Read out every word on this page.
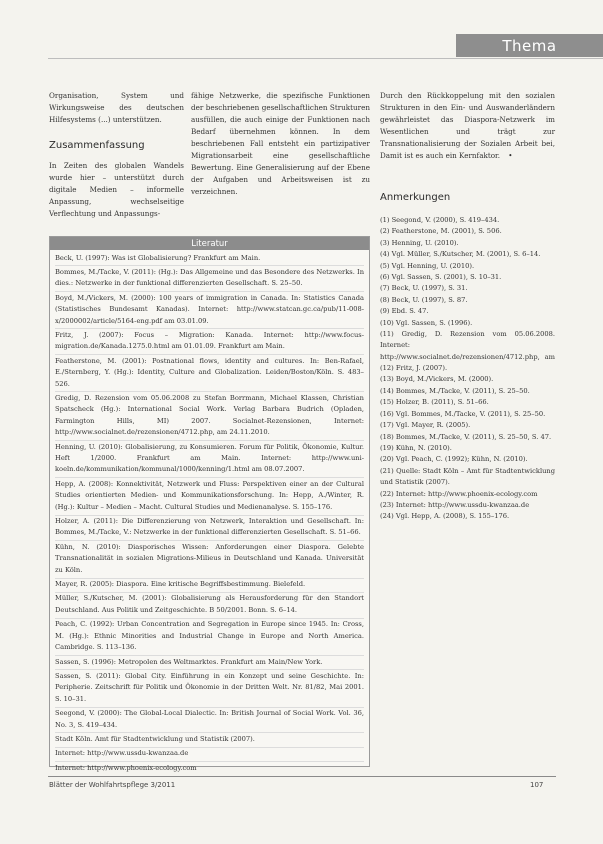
Thema

Organisation, System und Wirkungsweise des deutschen Hilfesystems (...) unterstützen.

Zusammenfassung

In Zeiten des globalen Wandels wurde hier – unterstützt durch digitale Medien – informelle Anpassung, wechselseitige Verflechtung und Anpassungs-

fähige Netzwerke, die spezifische Funktionen der beschriebenen gesellschaftlichen Strukturen ausfüllen, die auch einige der Funktionen nach Bedarf übernehmen können. In dem beschriebenen Fall entsteht ein partizipativer Migrationsarbeit eine gesellschaftliche Bewertung. Eine Generalisierung auf der Ebene der Aufgaben und Arbeitsweisen ist zu verzeichnen.

Durch den Rückkoppelung mit den sozialen Strukturen in den Ein- und Auswanderländern gewährleistet das Diaspora-Netzwerk im Wesentlichen und trägt zur Transnationalisierung der Sozialen Arbeit bei, Damit ist es auch ein Kernfaktor. •

Literatur
Beck, U. (1997): Was ist Globalisierung? Frankfurt am Main.
Bommes, M./Tacke, V. (2011): (Hg.): Das Allgemeine und das Besondere des Netzwerks. In dies.: Netzwerke in der funktional differenzierten Gesellschaft. S. 25–50.
Boyd, M./Vickers, M. (2000): 100 years of immigration in Canada. In: Statistics Canada (Statistisches Bundesamt Kanadas). Internet: http://www.statcan.gc.ca/pub/11-008-x/2000002/article/5164-eng.pdf am 03.01.09.
Fritz, J. (2007): Focus – Migration: Kanada. Internet: http://www.focus-migration.de/Kanada.1275.0.html am 01.01.09. Frankfurt am Main.
Featherstone, M. (2001): Postnational flows, identity and cultures. In: Ben-Rafael, E./Sternberg, Y. (Hg.): Identity, Culture and Globalization. Leiden/Boston/Köln. S. 483–526.
Gredig, D. Rezension vom 05.06.2008 zu Stefan Borrmann, Michael Klassen, Christian Spatscheck (Hg.): International Social Work. Verlag Barbara Budrich (Opladen, Farmington Hills, MI) 2007. Socialnet-Rezensionen, Internet: http://www.socialnet.de/rezensionen/4712.php, am 24.11.2010.
Henning, U. (2010): Globalisierung, zu Konsumieren. Forum für Politik, Ökonomie, Kultur. Heft 1/2000. Frankfurt am Main. Internet: http://www.uni-koeln.de/kommunikation/kommunal/1000/kenning/1.html am 08.07.2007.
Hepp, A. (2008): Konnektivität, Netzwerk und Fluss: Perspektiven einer an der Cultural Studies orientierten Medien- und Kommunikationsforschung. In: Hepp, A./Winter, R. (Hg.): Kultur – Medien – Macht. Cultural Studies und Medienanalyse. S. 155–176.
Holzer, A. (2011): Die Differenzierung von Netzwerk, Interaktion und Gesellschaft. In: Bommes, M./Tacke, V.: Netzwerke in der funktional differenzierten Gesellschaft. S. 51–66.
Kühn, N. (2010): Diasporisches Wissen: Anforderungen einer Diaspora. Gelebte Transnationalität in sozialen Migrations-Milieus in Deutschland und Kanada. Universität zu Köln.
Mayer, R. (2005): Diaspora. Eine kritische Begriffsbestimmung. Bielefeld.
Müller, S./Kutscher, M. (2001): Globalisierung als Herausforderung für den Standort Deutschland. Aus Politik und Zeitgeschichte. B 50/2001. Bonn. S. 6–14.
Peach, C. (1992): Urban Concentration and Segregation in Europe since 1945. In: Cross, M. (Hg.): Ethnic Minorities and Industrial Change in Europe and North America. Cambridge. S. 113–136.
Sassen, S. (1996): Metropolen des Weltmarktes. Frankfurt am Main/New York.
Sassen, S. (2011): Global City. Einführung in ein Konzept und seine Geschichte. In: Peripherie. Zeitschrift für Politik und Ökonomie in der Dritten Welt. Nr. 81/82, Mai 2001. S. 10–31.
Seegond, V. (2000): The Global-Local Dialectic. In: British Journal of Social Work. Vol. 36, No. 3, S. 419–434.
Stadt Köln. Amt für Stadtentwicklung und Statistik (2007).
Internet: http://www.ussdu-kwanzaa.de
Internet: http://www.phoenix-ecology.com
Anmerkungen
(1) Seegond, V. (2000), S. 419–434.
(2) Featherstone, M. (2001), S. 506.
(3) Henning, U. (2010).
(4) Vgl. Müller, S./Kutscher, M. (2001), S. 6–14.
(5) Vgl. Henning, U. (2010).
(6) Vgl. Sassen, S. (2001), S. 10–31.
(7) Beck, U. (1997), S. 31.
(8) Beck, U. (1997), S. 87.
(9) Ebd. S. 47.
(10) Vgl. Sassen, S. (1996).
(11) Gredig, D. Rezension vom 05.06.2008. Internet: http://www.socialnet.de/rezensionen/4712.php, am
(12) Fritz, J. (2007).
(13) Boyd, M./Vickers, M. (2000).
(14) Bommes, M./Tacke, V. (2011), S. 25–50.
(15) Holzer, B. (2011), S. 51–66.
(16) Vgl. Bommes, M./Tacke, V. (2011), S. 25–50.
(17) Vgl. Mayer, R. (2005).
(18) Bommes, M./Tacke, V. (2011), S. 25–50, S. 47.
(19) Kühn, N. (2010).
(20) Vgl. Peach, C. (1992); Kühn, N. (2010).
(21) Quelle: Stadt Köln – Amt für Stadtentwicklung und Statistik (2007).
(22) Internet: http://www.phoenix-ecology.com
(23) Internet: http://www.ussdu-kwanzaa.de
(24) Vgl. Hepp, A. (2008), S. 155–176.
Blätter der Wohlfahrtspflege 3/2011	107
